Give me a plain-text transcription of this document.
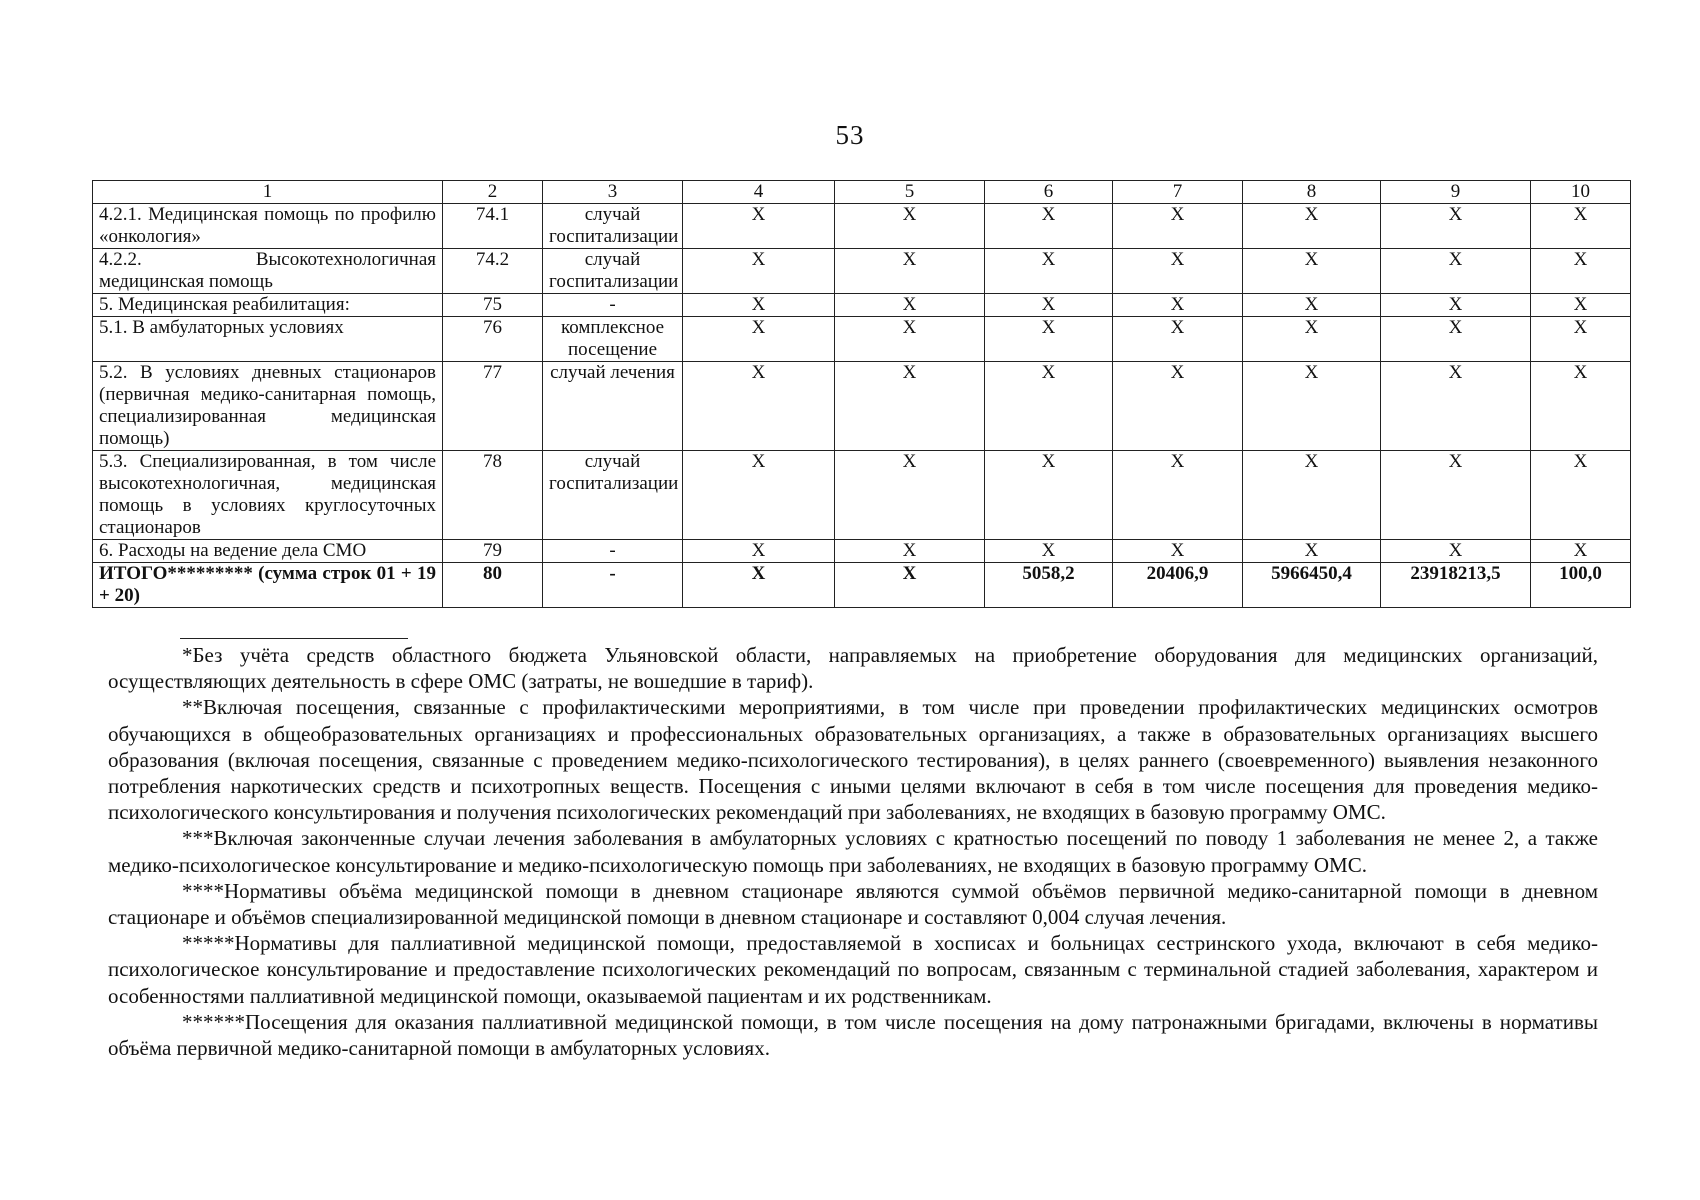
53
1	2	3	4	5	6	7	8	9	10
4.2.1. Медицинская помощь по профилю «онкология»	74.1	случай госпитализации	Х	Х	Х	Х	Х	Х	Х
4.2.2. Высокотехнологичная медицинская помощь	74.2	случай госпитализации	Х	Х	Х	Х	Х	Х	Х
5. Медицинская реабилитация:	75	-	Х	Х	Х	Х	Х	Х	Х
5.1. В амбулаторных условиях	76	комплексное посещение	Х	Х	Х	Х	Х	Х	Х
5.2. В условиях дневных стационаров (первичная медико-санитарная помощь, специализированная медицинская помощь)	77	случай лечения	Х	Х	Х	Х	Х	Х	Х
5.3. Специализированная, в том числе высокотехнологичная, медицинская помощь в условиях круглосуточных стационаров	78	случай госпитализации	Х	Х	Х	Х	Х	Х	Х
6. Расходы на ведение дела СМО	79	-	Х	Х	Х	Х	Х	Х	Х
ИТОГО********* (сумма строк 01 + 19 + 20)	80	-	Х	Х	5058,2	20406,9	5966450,4	23918213,5	100,0

*Без учёта средств областного бюджета Ульяновской области, направляемых на приобретение оборудования для медицинских организаций, осуществляющих деятельность в сфере ОМС (затраты, не вошедшие в тариф).

**Включая посещения, связанные с профилактическими мероприятиями, в том числе при проведении профилактических медицинских осмотров обучающихся в общеобразовательных организациях и профессиональных образовательных организациях, а также в образовательных организациях высшего образования (включая посещения, связанные с проведением медико-психологического тестирования), в целях раннего (своевременного) выявления незаконного потребления наркотических средств и психотропных веществ. Посещения с иными целями включают в себя в том числе посещения для проведения медико-психологического консультирования и получения психологических рекомендаций при заболеваниях, не входящих в базовую программу ОМС.

***Включая законченные случаи лечения заболевания в амбулаторных условиях с кратностью посещений по поводу 1 заболевания не менее 2, а также медико-психологическое консультирование и медико-психологическую помощь при заболеваниях, не входящих в базовую программу ОМС.

****Нормативы объёма медицинской помощи в дневном стационаре являются суммой объёмов первичной медико-санитарной помощи в дневном стационаре и объёмов специализированной медицинской помощи в дневном стационаре и составляют 0,004 случая лечения.

*****Нормативы для паллиативной медицинской помощи, предоставляемой в хосписах и больницах сестринского ухода, включают в себя медико-психологическое консультирование и предоставление психологических рекомендаций по вопросам, связанным с терминальной стадией заболевания, характером и особенностями паллиативной медицинской помощи, оказываемой пациентам и их родственникам.

******Посещения для оказания паллиативной медицинской помощи, в том числе посещения на дому патронажными бригадами, включены в нормативы объёма первичной медико-санитарной помощи в амбулаторных условиях.
